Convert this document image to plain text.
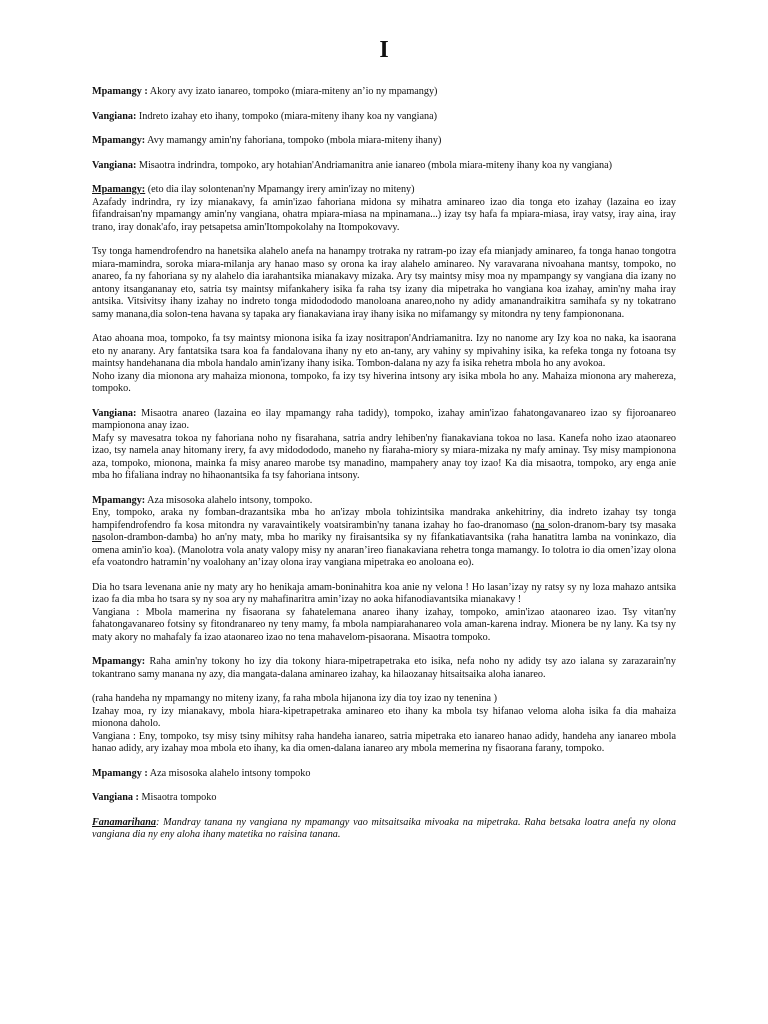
I

Mpamangy : Akory avy izato ianareo, tompoko (miara-miteny an’io ny mpamangy)

Vangiana: Indreto izahay eto ihany, tompoko (miara-miteny ihany koa ny vangiana)

Mpamangy: Avy mamangy amin'ny fahoriana, tompoko (mbola miara-miteny ihany)

Vangiana: Misaotra indrindra, tompoko, ary hotahian'Andriamanitra anie ianareo (mbola miara-miteny ihany koa ny vangiana)

Mpamangy: (eto dia ilay solontenan'ny Mpamangy irery amin'izay no miteny)

Azafady indrindra, ry izy mianakavy, fa amin'izao fahoriana midona sy mihatra aminareo izao dia tonga eto izahay (lazaina eo izay fifandraisan'ny mpamangy amin'ny vangiana, ohatra mpiara-miasa na mpinamana...) izay tsy hafa fa mpiara-miasa, iray vatsy, iray aina, iray trano, iray donak'afo, iray petsapetsa amin'Itompokolahy na Itompokovavy.

Tsy tonga hamendrofendro na hanetsika alahelo anefa na hanampy trotraka ny ratram-po izay efa mianjady aminareo, fa tonga hanao tongotra miara-mamindra, soroka miara-milanja ary hanao maso sy orona ka iray alahelo aminareo. Ny varavarana nivoahana mantsy, tompoko, no anareo, fa ny fahoriana sy ny alahelo dia iarahantsika mianakavy mizaka. Ary tsy maintsy misy moa ny mpampangy sy vangiana dia izany no antony itsangananay eto, satria tsy maintsy mifankahery isika fa raha tsy izany dia mipetraka ho vangiana koa izahay, amin'ny maha iray antsika. Vitsivitsy ihany izahay no indreto tonga midodododo manoloana anareo,noho ny adidy amanandraikitra samihafa sy ny tokatrano samy manana,dia solon-tena havana sy tapaka ary fianakaviana iray ihany isika no mifamangy sy mitondra ny teny fampiononana.

Atao ahoana moa, tompoko, fa tsy maintsy mionona isika fa izay nositrapon'Andriamanitra. Izy no nanome ary Izy koa no naka, ka isaorana eto ny anarany. Ary fantatsika tsara koa fa fandalovana ihany ny eto an-tany, ary vahiny sy mpivahiny isika, ka refeka tonga ny fotoana tsy maintsy handehanana dia mbola handalo amin'izany ihany isika. Tombon-dalana ny azy fa isika rehetra mbola ho any avokoa.

Noho izany dia mionona ary mahaiza mionona, tompoko, fa izy tsy hiverina intsony ary isika mbola ho any. Mahaiza mionona ary mahereza, tompoko.

Vangiana: Misaotra anareo (lazaina eo ilay mpamangy raha tadidy), tompoko, izahay amin'izao fahatongavanareo izao sy fijoroanareo mampionona anay izao.

Mafy sy mavesatra tokoa ny fahoriana noho ny fisarahana, satria andry lehiben'ny fianakaviana tokoa no lasa. Kanefa noho izao ataonareo izao, tsy namela anay hitomany irery, fa avy midodododo, maneho ny fiaraha-miory sy miara-mizaka ny mafy aminay. Tsy misy mampionona aza, tompoko, mionona, mainka fa misy anareo marobe tsy manadino, mampahery anay toy izao! Ka dia misaotra, tompoko, ary enga anie mba ho fifaliana indray no hihaonantsika fa tsy fahoriana intsony.

Mpamangy: Aza misosoka alahelo intsony, tompoko.

Eny, tompoko, araka ny fomban-drazantsika mba ho an'izay mbola tohizintsika mandraka ankehitriny, dia indreto izahay tsy tonga hampifendrofendro fa kosa mitondra ny varavaintikely voatsirambin'ny tanana izahay ho fao-dranomaso (na solon-dranom-bary tsy masaka nasolon-drambon-damba) ho an'ny maty, mba ho mariky ny firaisantsika sy ny fifankatiavantsika (raha hanatitra lamba na voninkazo, dia omena amin'io koa). (Manolotra vola anaty valopy misy ny anaran’ireo fianakaviana rehetra tonga mamangy. Io tolotra io dia omen’izay olona efa voatondro hatramin’ny voalohany an’izay olona iray vangiana mipetraka eo anoloana eo).

Dia ho tsara levenana anie ny maty ary ho henikaja amam-boninahitra koa anie ny velona ! Ho lasan’izay ny ratsy sy ny loza mahazo antsika izao fa dia mba ho tsara sy ny soa ary ny mahafinaritra amin’izay no aoka hifanodiavantsika mianakavy !

Vangiana : Mbola mamerina ny fisaorana sy fahatelemana anareo ihany izahay, tompoko, amin'izao ataonareo izao. Tsy vitan'ny fahatongavanareo fotsiny sy fitondranareo ny teny mamy, fa mbola nampiarahanareo vola aman-karena indray. Mionera be ny lany. Ka tsy ny maty akory no mahafaly fa izao ataonareo izao no tena mahavelom-pisaorana. Misaotra tompoko.

Mpamangy: Raha amin'ny tokony ho izy dia tokony hiara-mipetrapetraka eto isika, nefa noho ny adidy tsy azo ialana sy zarazarain'ny tokantrano samy manana ny azy, dia mangata-dalana aminareo izahay, ka hilaozanay hitsaitsaika aloha ianareo.

(raha handeha ny mpamangy no miteny izany, fa raha mbola hijanona izy dia toy izao ny tenenina )

Izahay moa, ry izy mianakavy, mbola hiara-kipetrapetraka aminareo eto ihany ka mbola tsy hifanao veloma aloha isika fa dia mahaiza mionona daholo.

Vangiana : Eny, tompoko, tsy misy tsiny mihitsy raha handeha ianareo, satria mipetraka eto ianareo hanao adidy, handeha any ianareo mbola hanao adidy, ary izahay moa mbola eto ihany, ka dia omen-dalana ianareo ary mbola memerina ny fisaorana farany, tompoko.

Mpamangy : Aza misosoka alahelo intsony tompoko

Vangiana : Misaotra tompoko

Fanamarihana: Mandray tanana ny vangiana ny mpamangy vao mitsaitsaika mivoaka na mipetraka. Raha betsaka loatra anefa ny olona vangiana dia ny eny aloha ihany matetika no raisina tanana.
